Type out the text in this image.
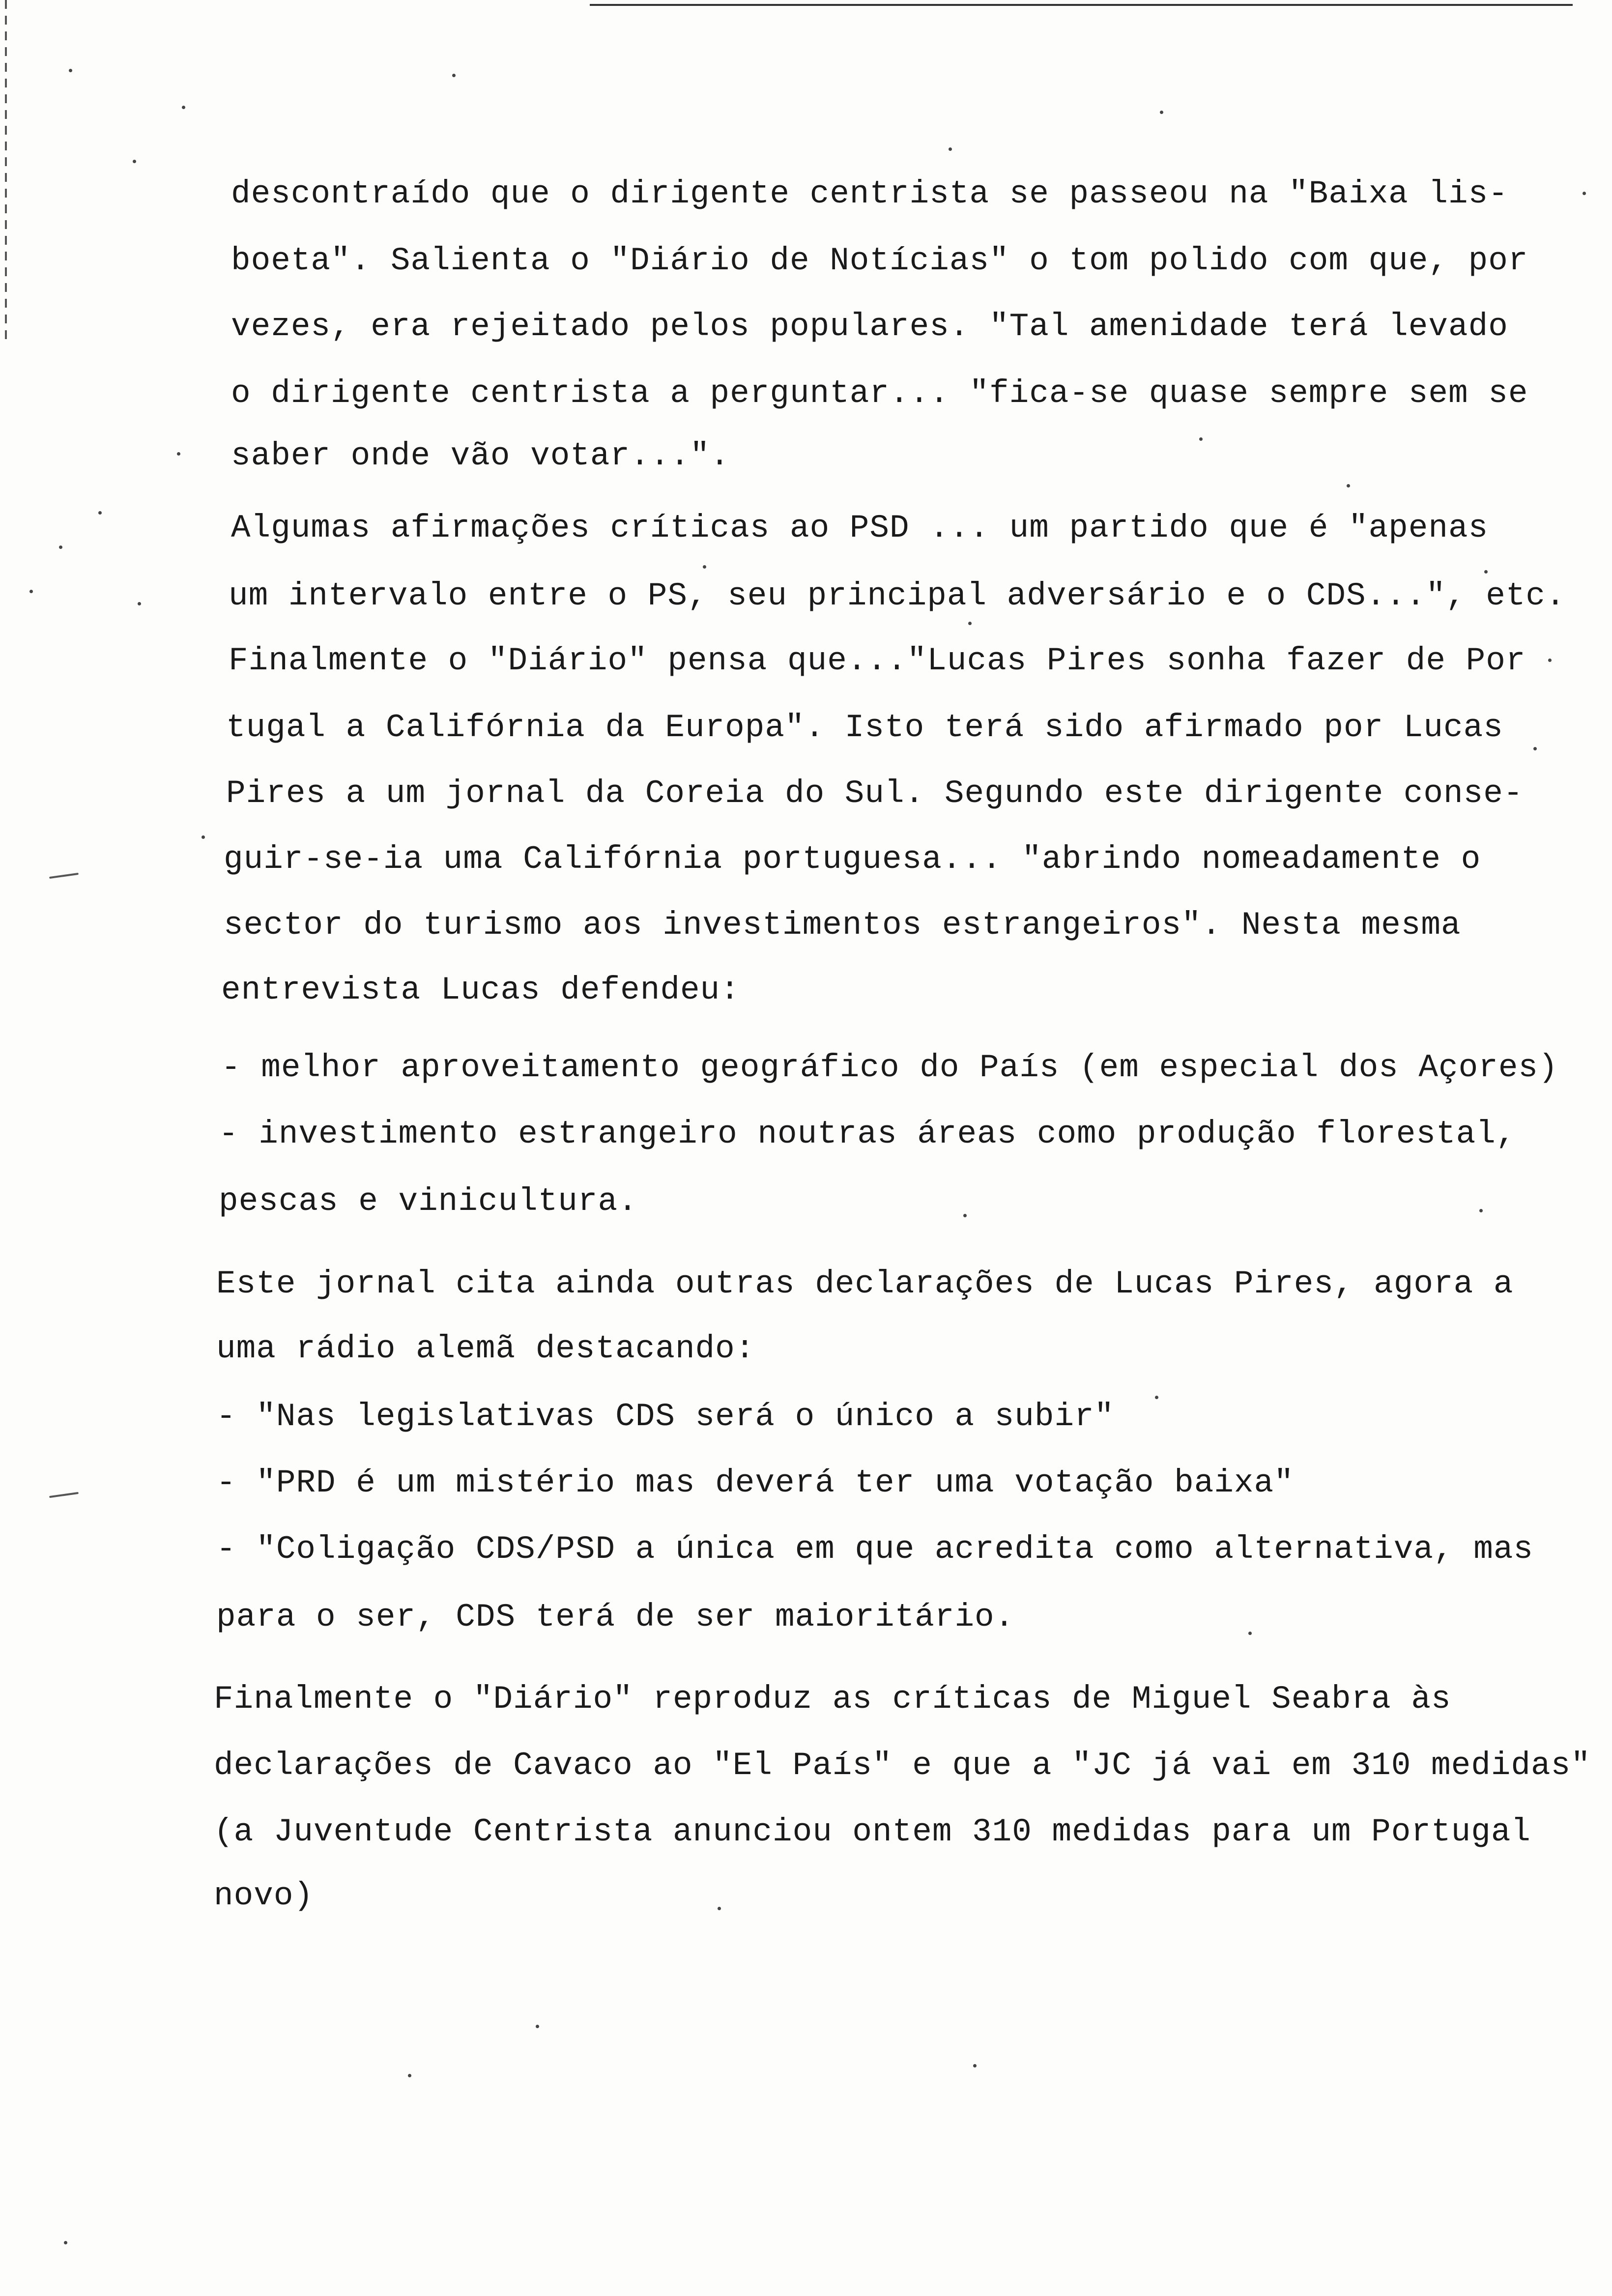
descontraído que o dirigente centrista se passeou na "Baixa lis-
boeta". Salienta o "Diário de Notícias" o tom polido com que, por
vezes, era rejeitado pelos populares. "Tal amenidade terá levado
o dirigente centrista a perguntar... "fica-se quase sempre sem se
saber onde vão votar...".
Algumas afirmações críticas ao PSD ... um partido que é "apenas
um intervalo entre o PS, seu principal adversário e o CDS...", etc.
Finalmente o "Diário" pensa que..."Lucas Pires sonha fazer de Por
tugal a Califórnia da Europa". Isto terá sido afirmado por Lucas
Pires a um jornal da Coreia do Sul. Segundo este dirigente conse-
guir-se-ia uma Califórnia portuguesa... "abrindo nomeadamente o
sector do turismo aos investimentos estrangeiros". Nesta mesma
entrevista Lucas defendeu:
- melhor aproveitamento geográfico do País (em especial dos Açores)
- investimento estrangeiro noutras áreas como produção florestal,
pescas e vinicultura.
Este jornal cita ainda outras declarações de Lucas Pires, agora a
uma rádio alemã destacando:
- "Nas legislativas CDS será o único a subir"
- "PRD é um mistério mas deverá ter uma votação baixa"
- "Coligação CDS/PSD a única em que acredita como alternativa, mas
para o ser, CDS terá de ser maioritário.
Finalmente o "Diário" reproduz as críticas de Miguel Seabra às
declarações de Cavaco ao "El País" e que a "JC já vai em 310 medidas"
(a Juventude Centrista anunciou ontem 310 medidas para um Portugal
novo)
